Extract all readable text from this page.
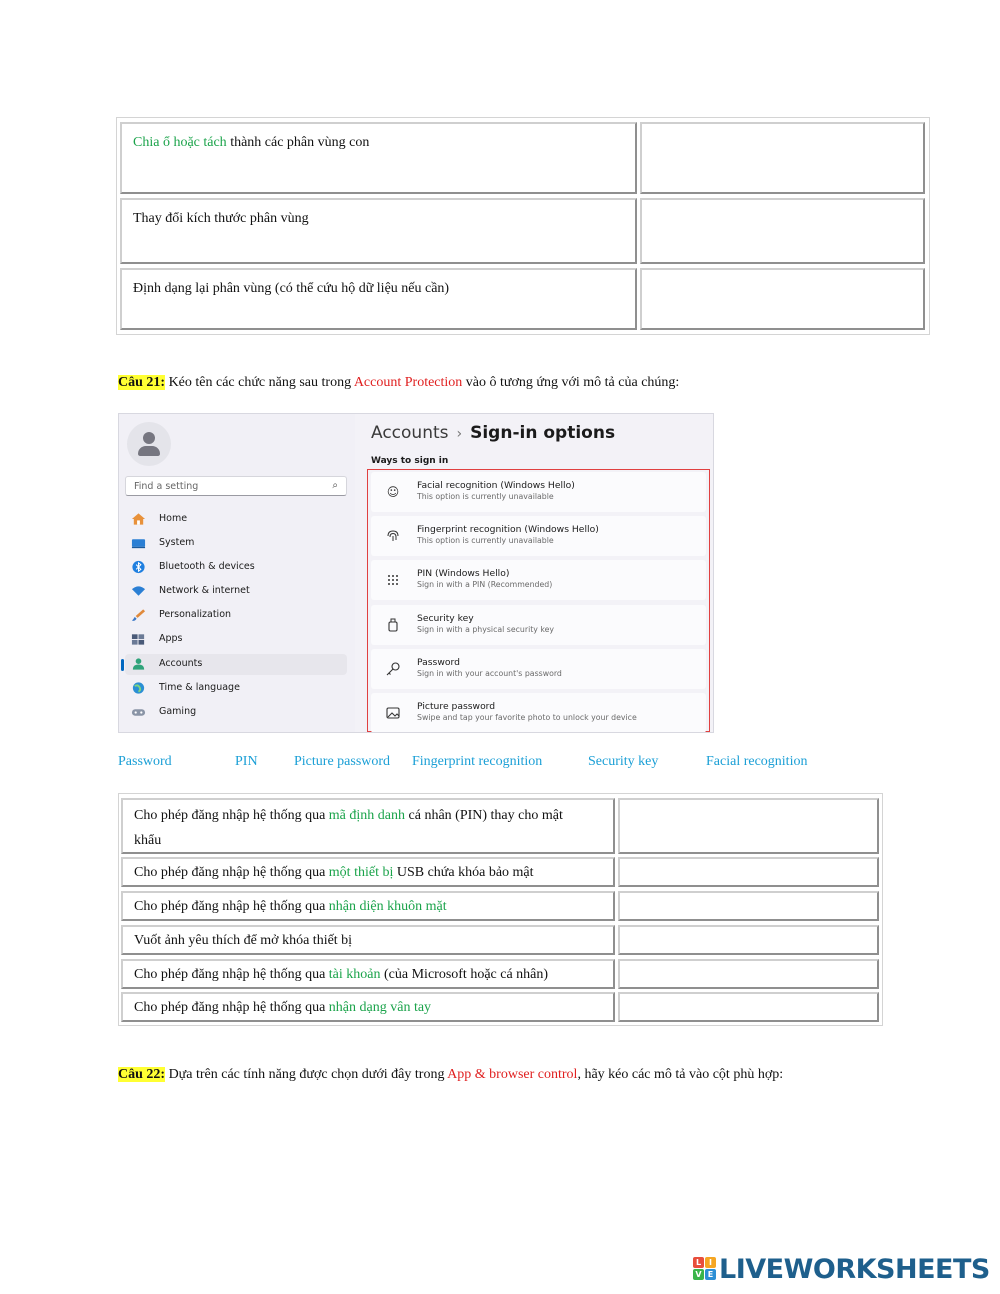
Chia ổ hoặc tách thành các phân vùng con
Thay đổi kích thước phân vùng
Định dạng lại phân vùng (có thể cứu hộ dữ liệu nếu cần)
Câu 21: Kéo tên các chức năng sau trong Account Protection vào ô tương ứng với mô tả của chúng:
Find a setting	⌕
Home
System
Bluetooth & devices
Network & internet
Personalization
Apps
Accounts
Time & language
Gaming
Accounts › Sign-in options
Ways to sign in
☺ Facial recognition (Windows Hello)
This option is currently unavailable
Fingerprint recognition (Windows Hello)
This option is currently unavailable
PIN (Windows Hello)
Sign in with a PIN (Recommended)
Security key
Sign in with a physical security key
Password
Sign in with your account's password
Picture password
Swipe and tap your favorite photo to unlock your device
Password	PIN	Picture password Fingerprint recognition	Security key	Facial recognition
Cho phép đăng nhập hệ thống qua mã định danh cá nhân (PIN) thay cho mật
khẩu
Cho phép đăng nhập hệ thống qua một thiết bị USB chứa khóa bảo mật
Cho phép đăng nhập hệ thống qua nhận diện khuôn mặt
Vuốt ảnh yêu thích để mở khóa thiết bị
Cho phép đăng nhập hệ thống qua tài khoản (của Microsoft hoặc cá nhân)
Cho phép đăng nhập hệ thống qua nhận dạng vân tay
Câu 22: Dựa trên các tính năng được chọn dưới đây trong App & browser control, hãy kéo các mô tả vào cột phù hợp:
L I
V E LIVEWORKSHEETS
